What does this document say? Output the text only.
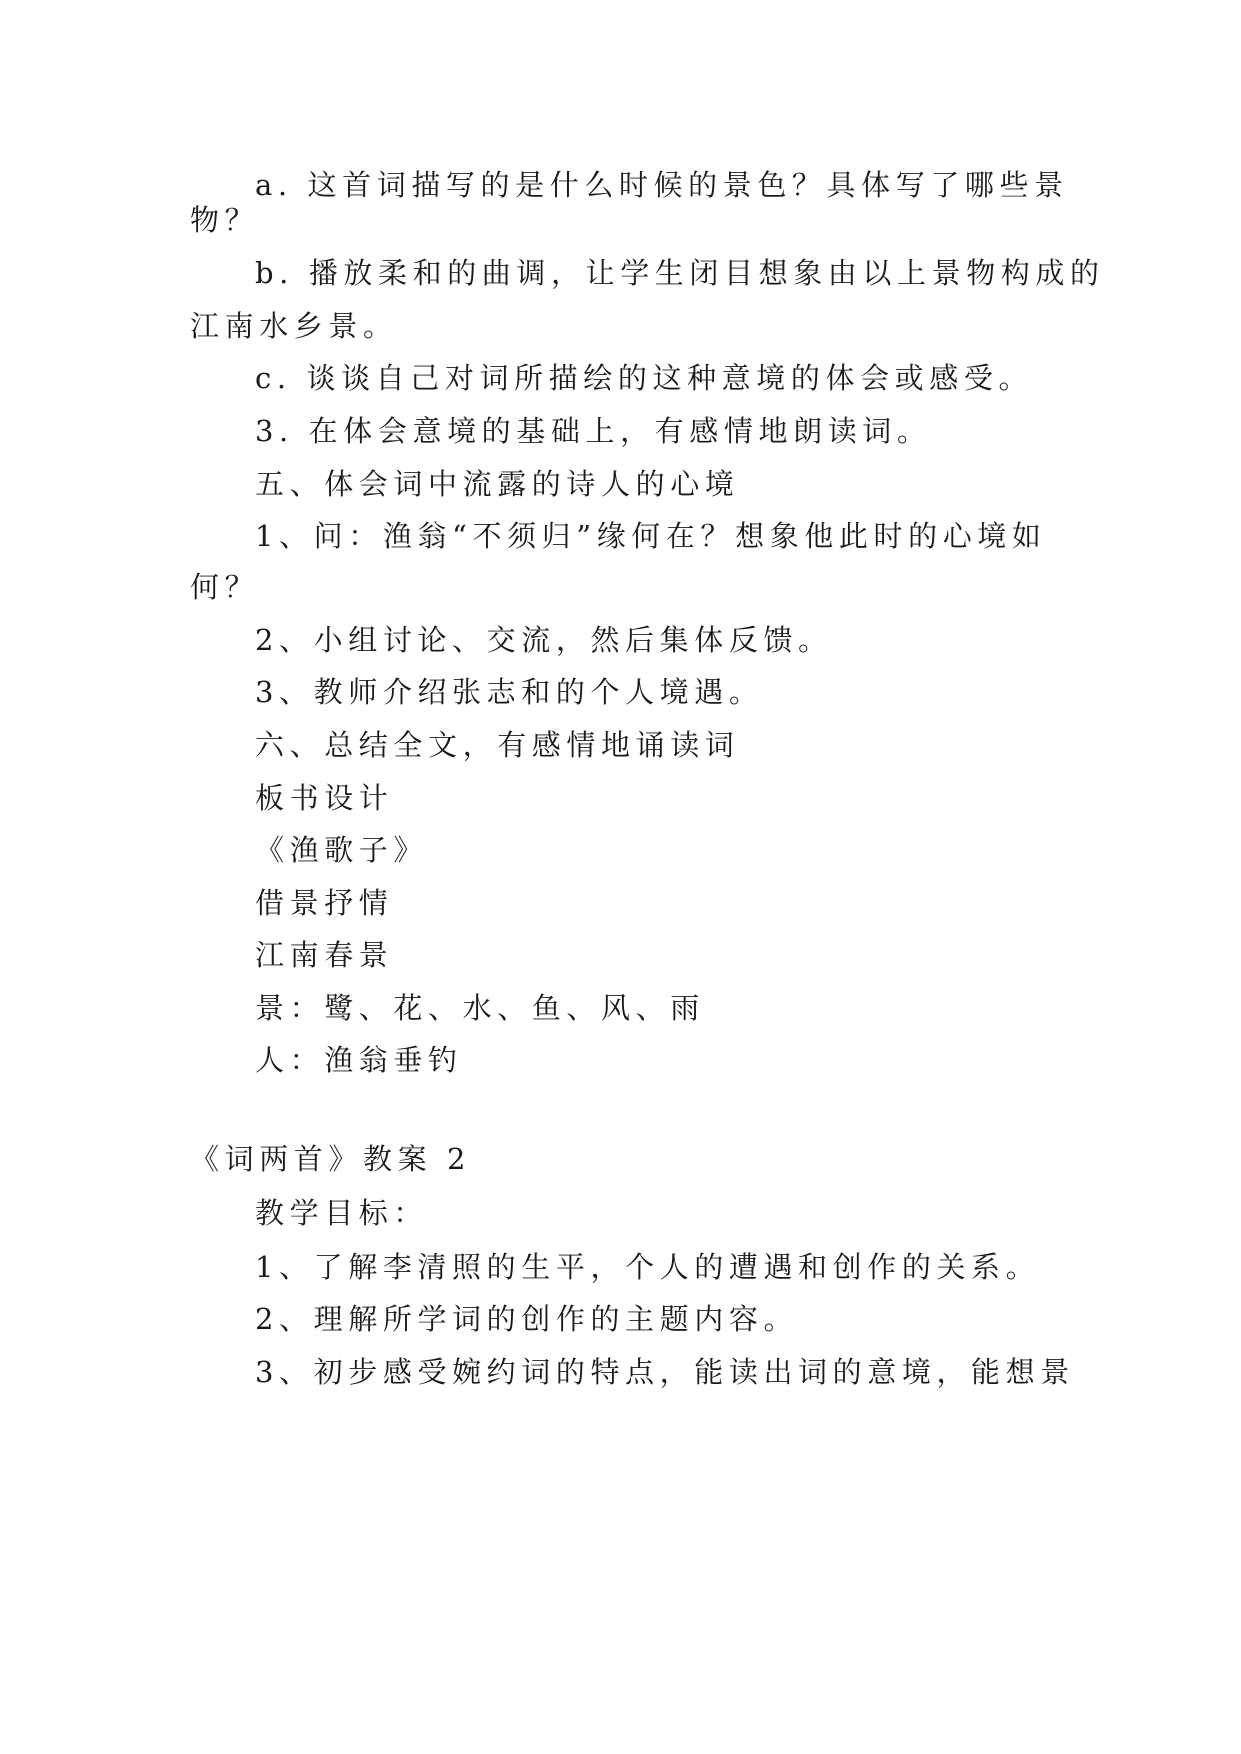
a. 这首词描写的是什么时候的景色？具体写了哪些景
物？
b. 播放柔和的曲调，让学生闭目想象由以上景物构成的
江南水乡景。
c. 谈谈自己对词所描绘的这种意境的体会或感受。
3. 在体会意境的基础上，有感情地朗读词。
五、体会词中流露的诗人的心境
1、问：渔翁“不须归”缘何在？想象他此时的心境如
何？
2、小组讨论、交流，然后集体反馈。
3、教师介绍张志和的个人境遇。
六、总结全文，有感情地诵读词
板书设计
《渔歌子》
借景抒情
江南春景
景：鹭、花、水、鱼、风、雨
人：渔翁垂钓
《词两首》教案 2
教学目标：
1、了解李清照的生平，个人的遭遇和创作的关系。
2、理解所学词的创作的主题内容。
3、初步感受婉约词的特点，能读出词的意境，能想景
